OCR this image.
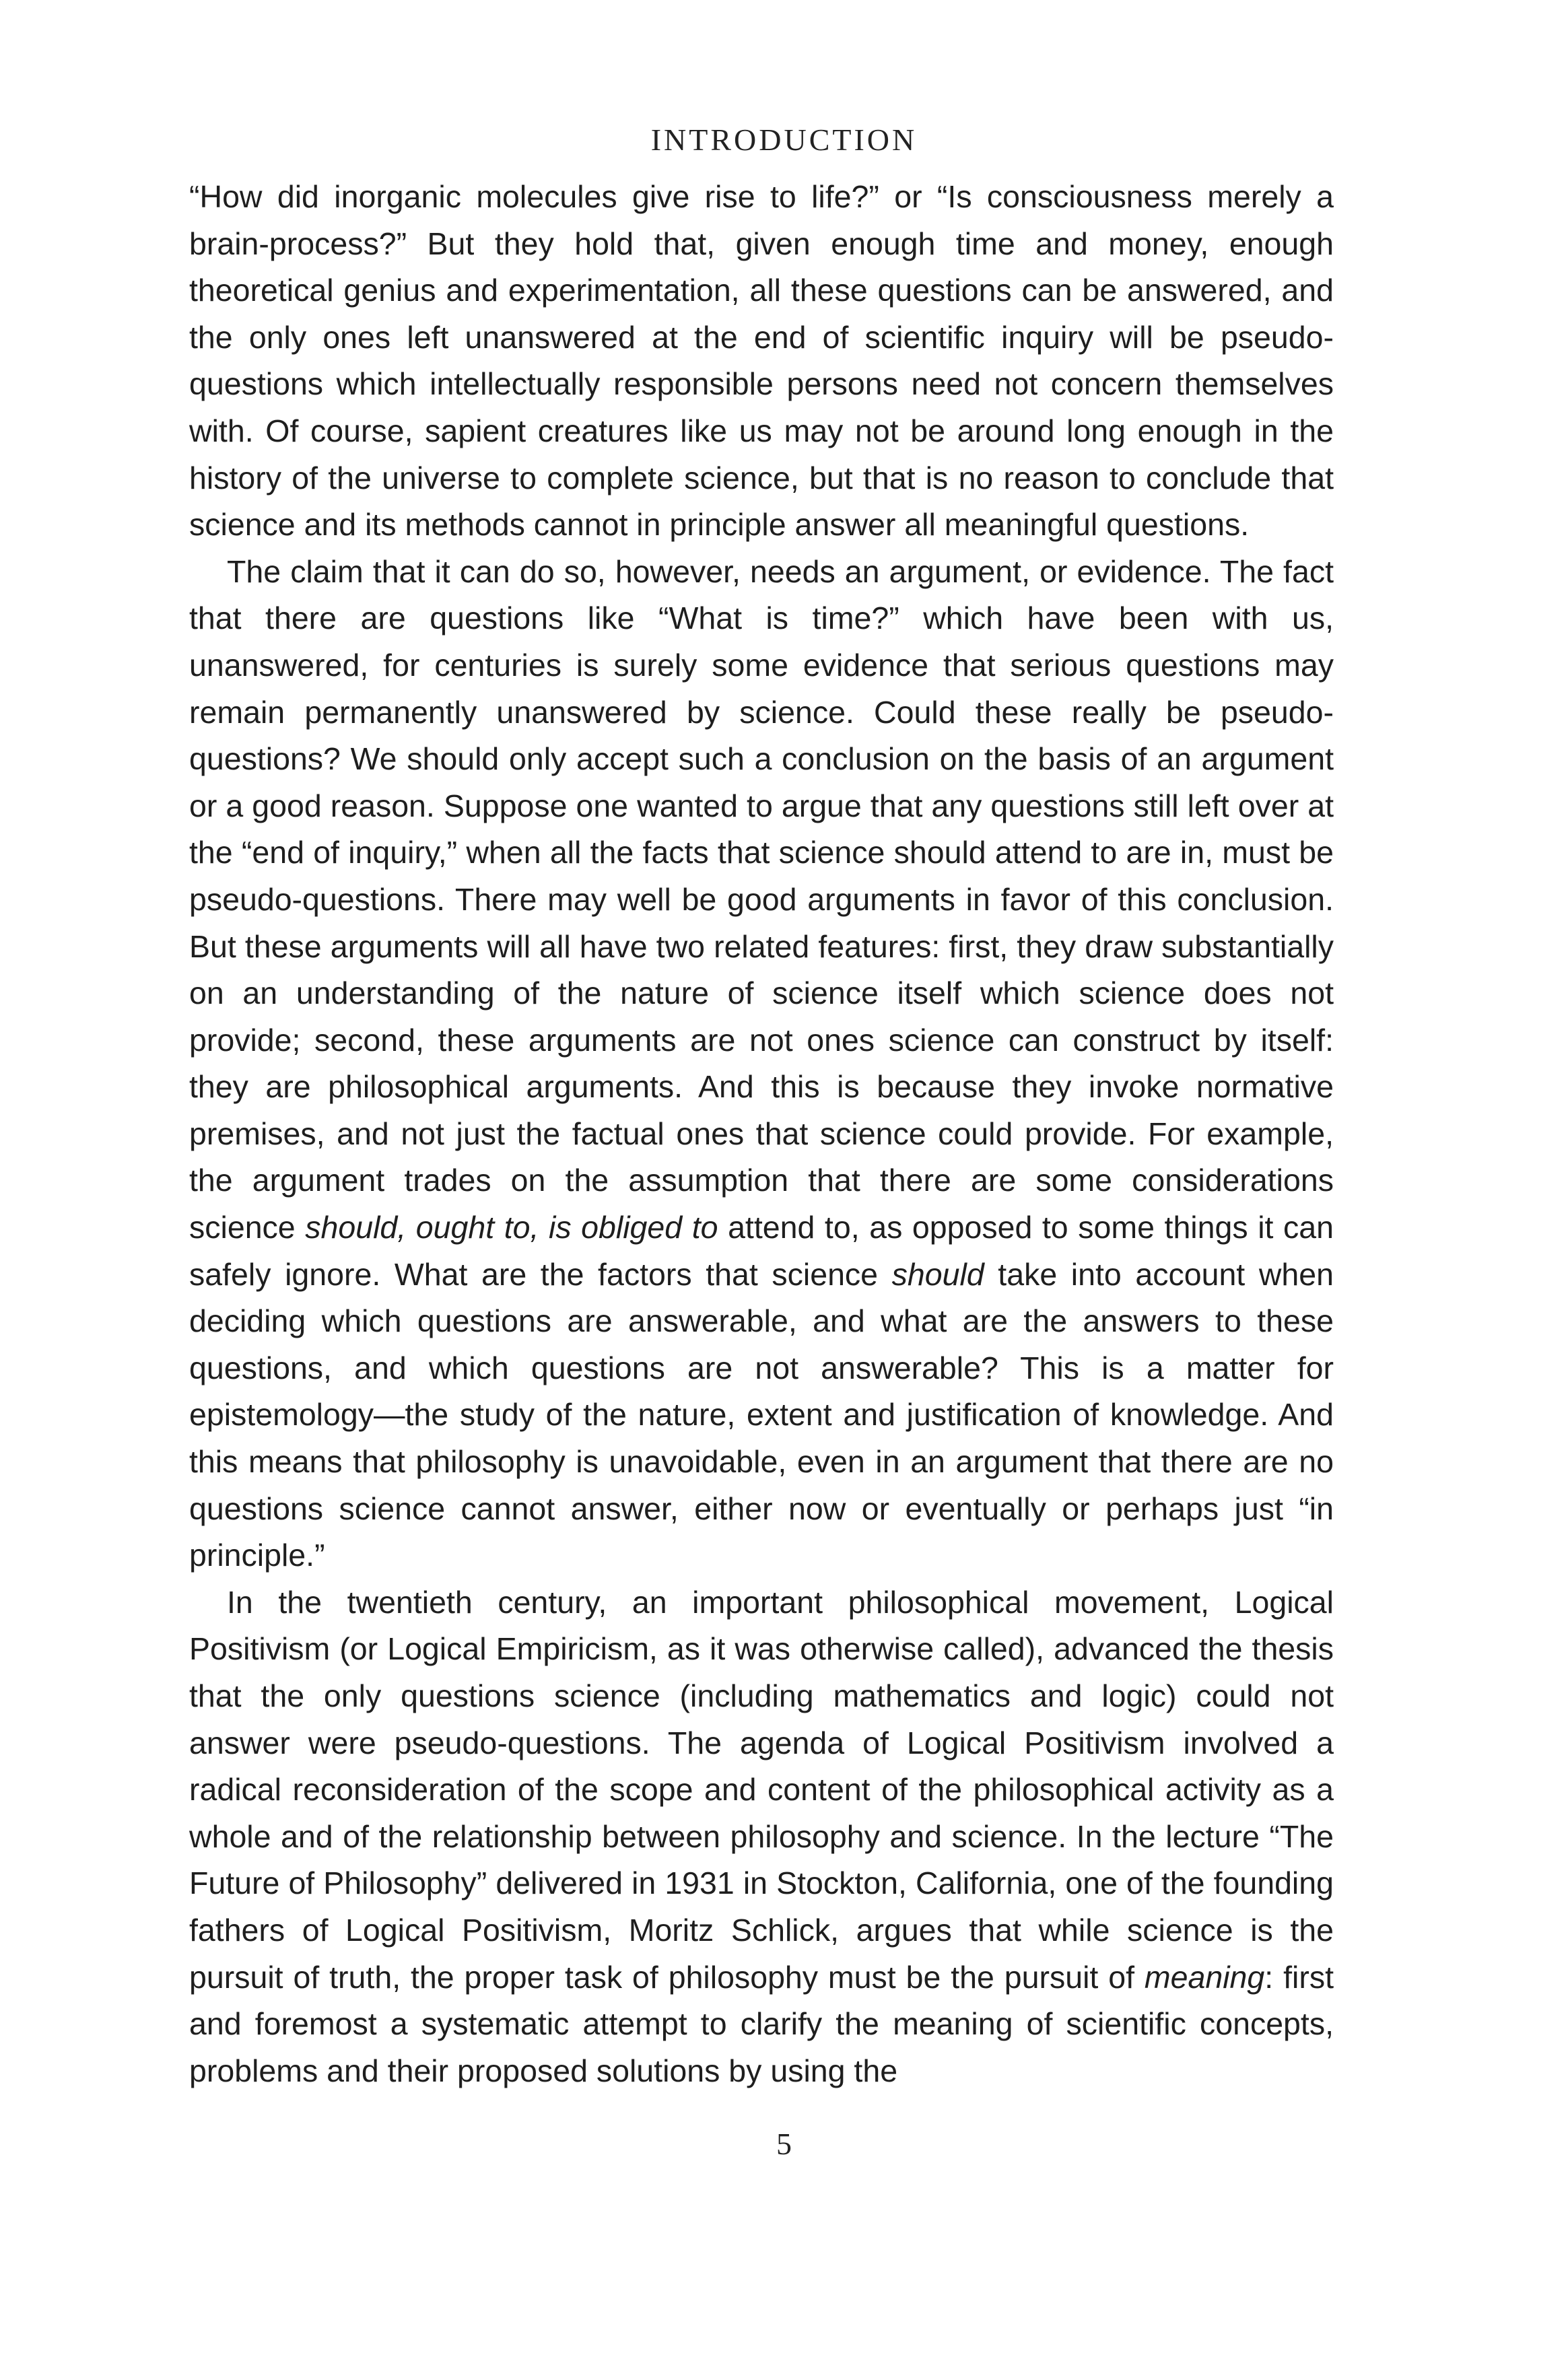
INTRODUCTION

“How did inorganic molecules give rise to life?” or “Is consciousness merely a brain-process?” But they hold that, given enough time and money, enough theoretical genius and experimentation, all these questions can be answered, and the only ones left unanswered at the end of scientific inquiry will be pseudo-questions which intellectually responsible persons need not concern themselves with. Of course, sapient creatures like us may not be around long enough in the history of the universe to complete science, but that is no reason to conclude that science and its methods cannot in principle answer all meaningful questions.

The claim that it can do so, however, needs an argument, or evidence. The fact that there are questions like “What is time?” which have been with us, unanswered, for centuries is surely some evidence that serious questions may remain permanently unanswered by science. Could these really be pseudo-questions? We should only accept such a conclusion on the basis of an argument or a good reason. Suppose one wanted to argue that any questions still left over at the “end of inquiry,” when all the facts that science should attend to are in, must be pseudo-questions. There may well be good arguments in favor of this conclusion. But these arguments will all have two related features: first, they draw substantially on an understanding of the nature of science itself which science does not provide; second, these arguments are not ones science can construct by itself: they are philosophical arguments. And this is because they invoke normative premises, and not just the factual ones that science could provide. For example, the argument trades on the assumption that there are some considerations science should, ought to, is obliged to attend to, as opposed to some things it can safely ignore. What are the factors that science should take into account when deciding which questions are answerable, and what are the answers to these questions, and which questions are not answerable? This is a matter for epistemology—the study of the nature, extent and justification of knowledge. And this means that philosophy is unavoidable, even in an argument that there are no questions science cannot answer, either now or eventually or perhaps just “in principle.”

In the twentieth century, an important philosophical movement, Logical Positivism (or Logical Empiricism, as it was otherwise called), advanced the thesis that the only questions science (including mathematics and logic) could not answer were pseudo-questions. The agenda of Logical Positivism involved a radical reconsideration of the scope and content of the philosophical activity as a whole and of the relationship between philosophy and science. In the lecture “The Future of Philosophy” delivered in 1931 in Stockton, California, one of the founding fathers of Logical Positivism, Moritz Schlick, argues that while science is the pursuit of truth, the proper task of philosophy must be the pursuit of meaning: first and foremost a systematic attempt to clarify the meaning of scientific concepts, problems and their proposed solutions by using the

5
